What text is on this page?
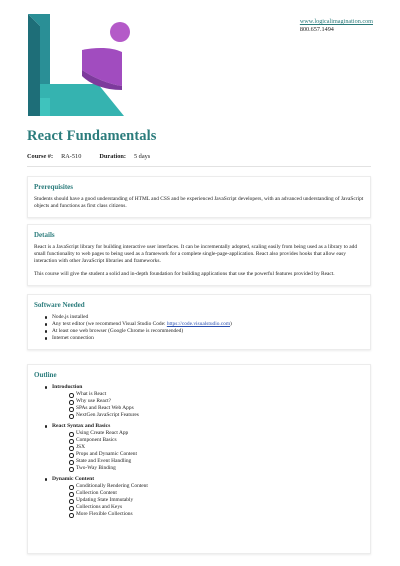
www.logicalimagination.com
800.657.1494
React Fundamentals
Course #: RA-510	Duration: 5 days
Prerequisites

Students should have a good understanding of HTML and CSS and be experienced JavaScript developers, with an advanced understanding of JavaScript objects and functions as first class citizens.

Details

React is a JavaScript library for building interactive user interfaces. It can be incrementally adopted, scaling easily from being used as a library to add small functionality to web pages to being used as a framework for a complete single-page-application. React also provides hooks that allow easy interaction with other JavaScript libraries and frameworks.

This course will give the student a solid and in-depth foundation for building applications that use the powerful features provided by React.

Software Needed
Node.js installed
Any text editor (we recommend Visual Studio Code: https://code.visualstudio.com)
At least one web browser (Google Chrome is recommended)
Internet connection
Outline
Introduction
What is React
Why use React?
SPAs and React Web Apps
NextGen JavaScript Features
React Syntax and Basics
Using Create React App
Component Basics
JSX
Props and Dynamic Content
State and Event Handling
Two-Way Binding
Dynamic Content
Conditionally Rendering Content
Collection Content
Updating State Immutably
Collections and Keys
More Flexible Collections
